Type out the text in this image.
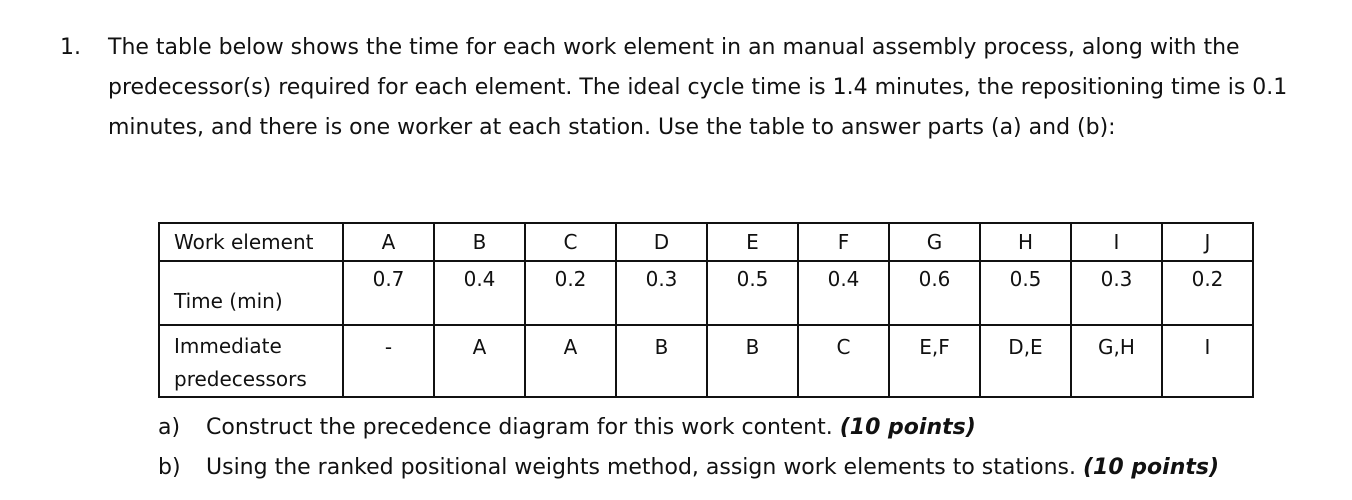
1. The table below shows the time for each work element in an manual assembly process, along with the predecessor(s) required for each element. The ideal cycle time is 1.4 minutes, the repositioning time is 0.1 minutes, and there is one worker at each station. Use the table to answer parts (a) and (b):
Work element	A	B	C	D	E	F	G	H	I	J
Time (min)	0.7	0.4	0.2	0.3	0.5	0.4	0.6	0.5	0.3	0.2
Immediate predecessors	-	A	A	B	B	C	E,F	D,E	G,H	I
a)	Construct the precedence diagram for this work content. (10 points)
b)	Using the ranked positional weights method, assign work elements to stations. (10 points)
